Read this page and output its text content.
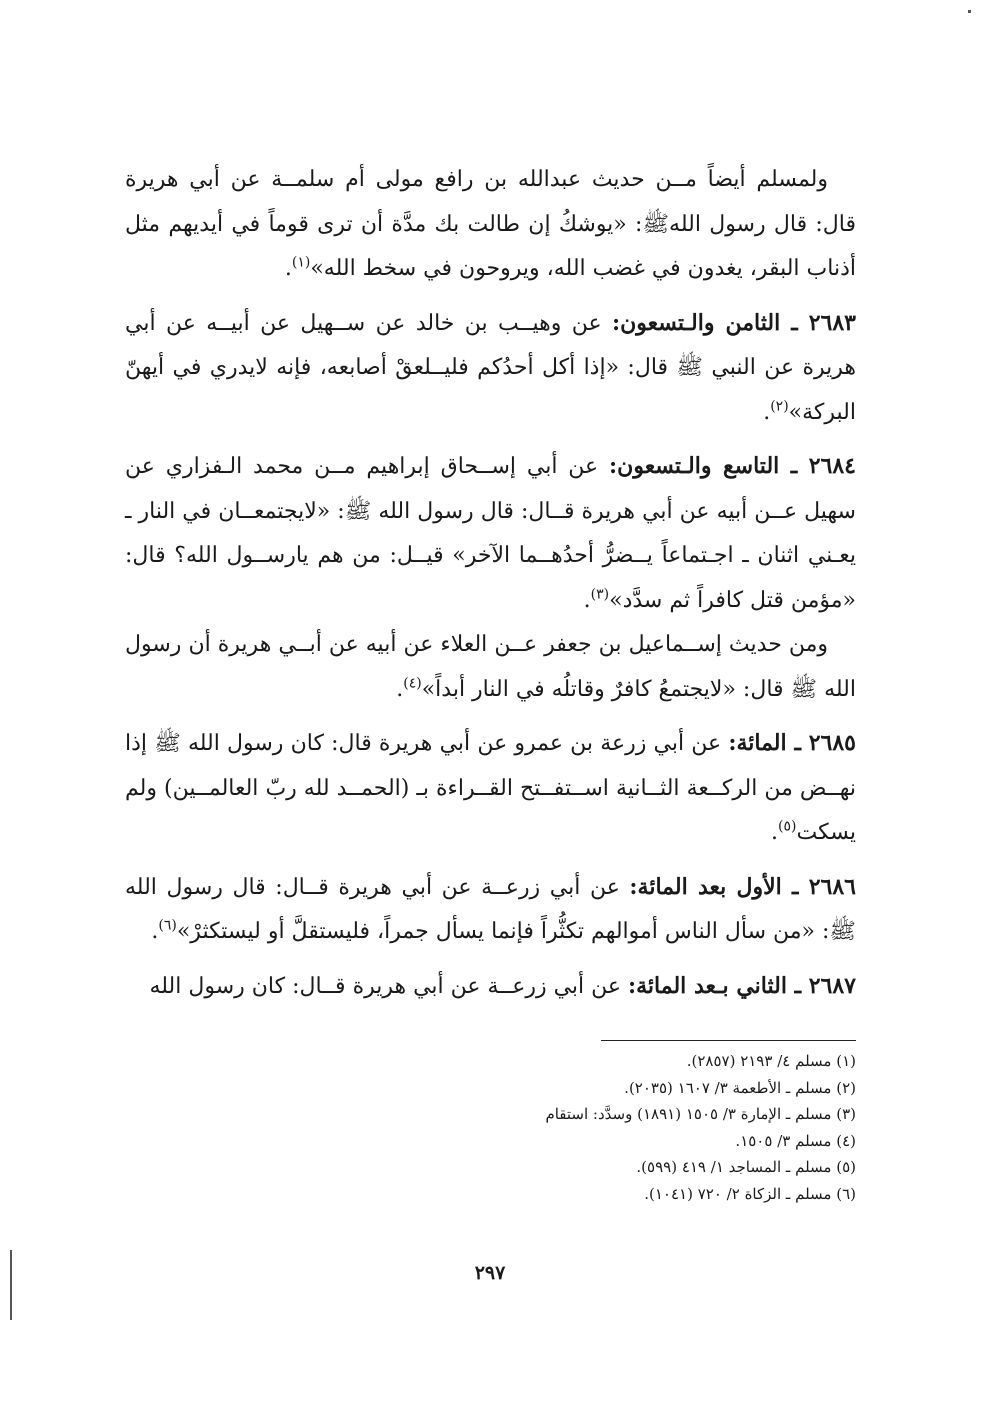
ولمسلم أيضاً مــن حديث عبدالله بن رافع مولى أم سلمــة عن أبي هريرة قال: قال رسول اللهﷺ: «يوشكُ إن طالت بك مدَّة أن ترى قوماً في أيديهم مثل أذناب البقر، يغدون في غضب الله، ويروحون في سخط الله»$^{(١)}$.

٢٦٨٣ ـ الثامن والـتسعون: عن وهيــب بن خالد عن ســهيل عن أبيــه عن أبي هريرة عن النبي ﷺ قال: «إذا أكل أحدُكم فليــلعقْ أصابعه، فإنه لايدري في أيهنّ البركة»$^{(٢)}$.

٢٦٨٤ ـ التاسع والـتسعون: عن أبي إســحاق إبراهيم مــن محمد الـفزاري عن سهيل عــن أبيه عن أبي هريرة قــال: قال رسول الله ﷺ: «لايجتمعــان في النار ـ يعـني اثنان ـ اجـتماعاً يــضرُّ أحدُهــما الآخر» قيــل: من هم يارســول الله؟ قال: «مؤمن قتل كافراً ثم سدَّد»$^{(٣)}$.

ومن حديث إســماعيل بن جعفر عــن العلاء عن أبيه عن أبــي هريرة أن رسول الله ﷺ قال: «لايجتمعُ كافرٌ وقاتلُه في النار أبداً»$^{(٤)}$.

٢٦٨٥ ـ المائة: عن أبي زرعة بن عمرو عن أبي هريرة قال: كان رسول الله ﷺ إذا نهــض من الركــعة الثــانية اســتفــتح القــراءة بـ (الحمــد لله ربّ العالمــين) ولم يسكت$^{(٥)}$.

٢٦٨٦ ـ الأول بعد المائة: عن أبي زرعــة عن أبي هريرة قــال: قال رسول الله ﷺ: «من سأل الناس أموالهم تكثُّراً فإنما يسأل جمراً، فليستقلَّ أو ليستكثرْ»$^{(٦)}$.

٢٦٨٧ ـ الثاني بـعد المائة: عن أبي زرعــة عن أبي هريرة قــال: كان رسول الله

(١) مسلم ٤/ ٢١٩٣ (٢٨٥٧).
(٢) مسلم ـ الأطعمة ٣/ ١٦٠٧ (٢٠٣٥).
(٣) مسلم ـ الإمارة ٣/ ١٥٠٥ (١٨٩١) وسدَّد: استقام
(٤) مسلم ٣/ ١٥٠٥.
(٥) مسلم ـ المساجد ١/ ٤١٩ (٥٩٩).
(٦) مسلم ـ الزكاة ٢/ ٧٢٠ (١٠٤١).
٢٩٧
